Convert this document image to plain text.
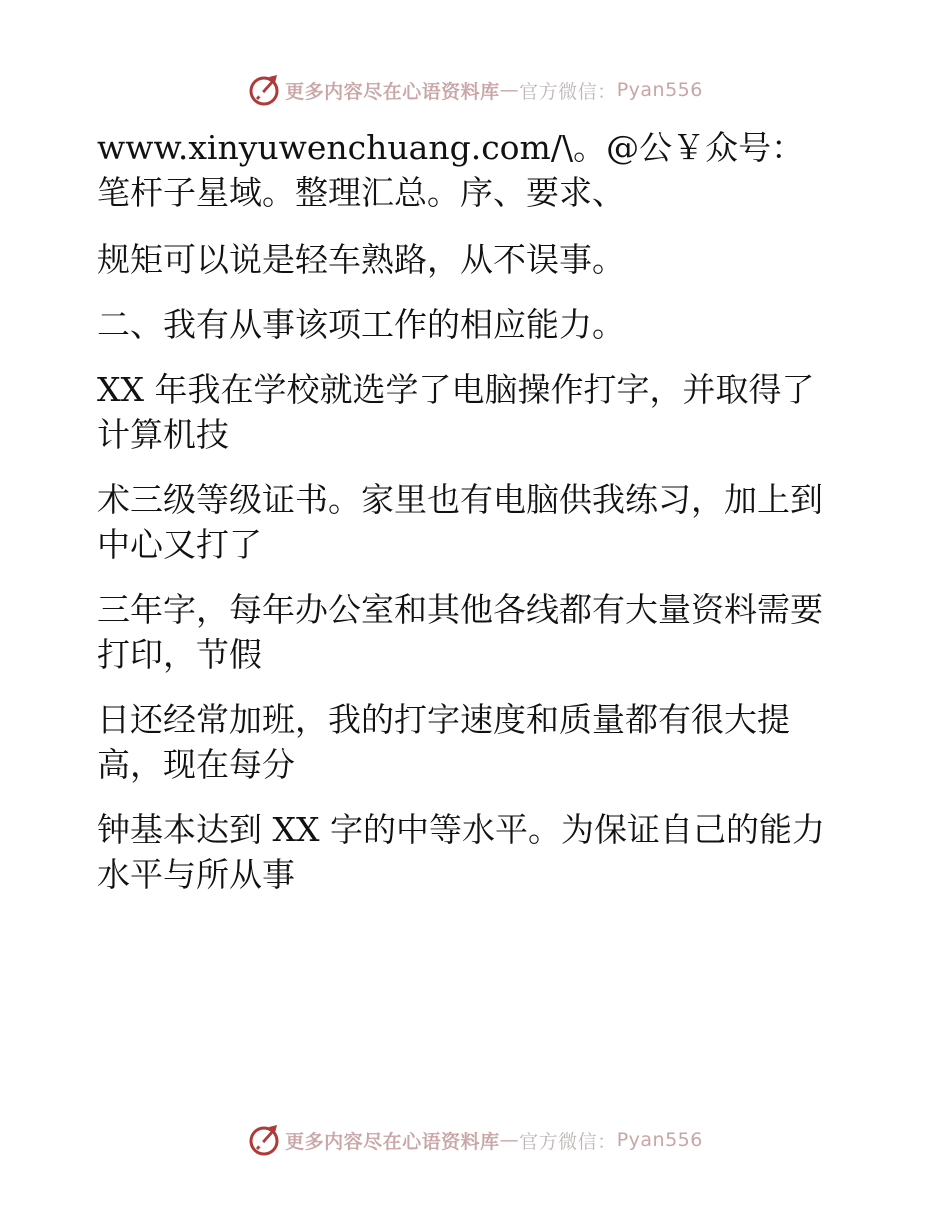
更多内容尽在心语资料库 — 官方微信： Pyan556

www.xinyuwenchuang.com/\。@公￥众号：笔杆子星域。整理汇总。序、要求、

规矩可以说是轻车熟路，从不误事。

二、我有从事该项工作的相应能力。

XX 年我在学校就选学了电脑操作打字，并取得了计算机技

术三级等级证书。家里也有电脑供我练习，加上到中心又打了

三年字，每年办公室和其他各线都有大量资料需要打印，节假

日还经常加班，我的打字速度和质量都有很大提高，现在每分

钟基本达到 XX 字的中等水平。为保证自己的能力水平与所从事

更多内容尽在心语资料库 — 官方微信： Pyan556
